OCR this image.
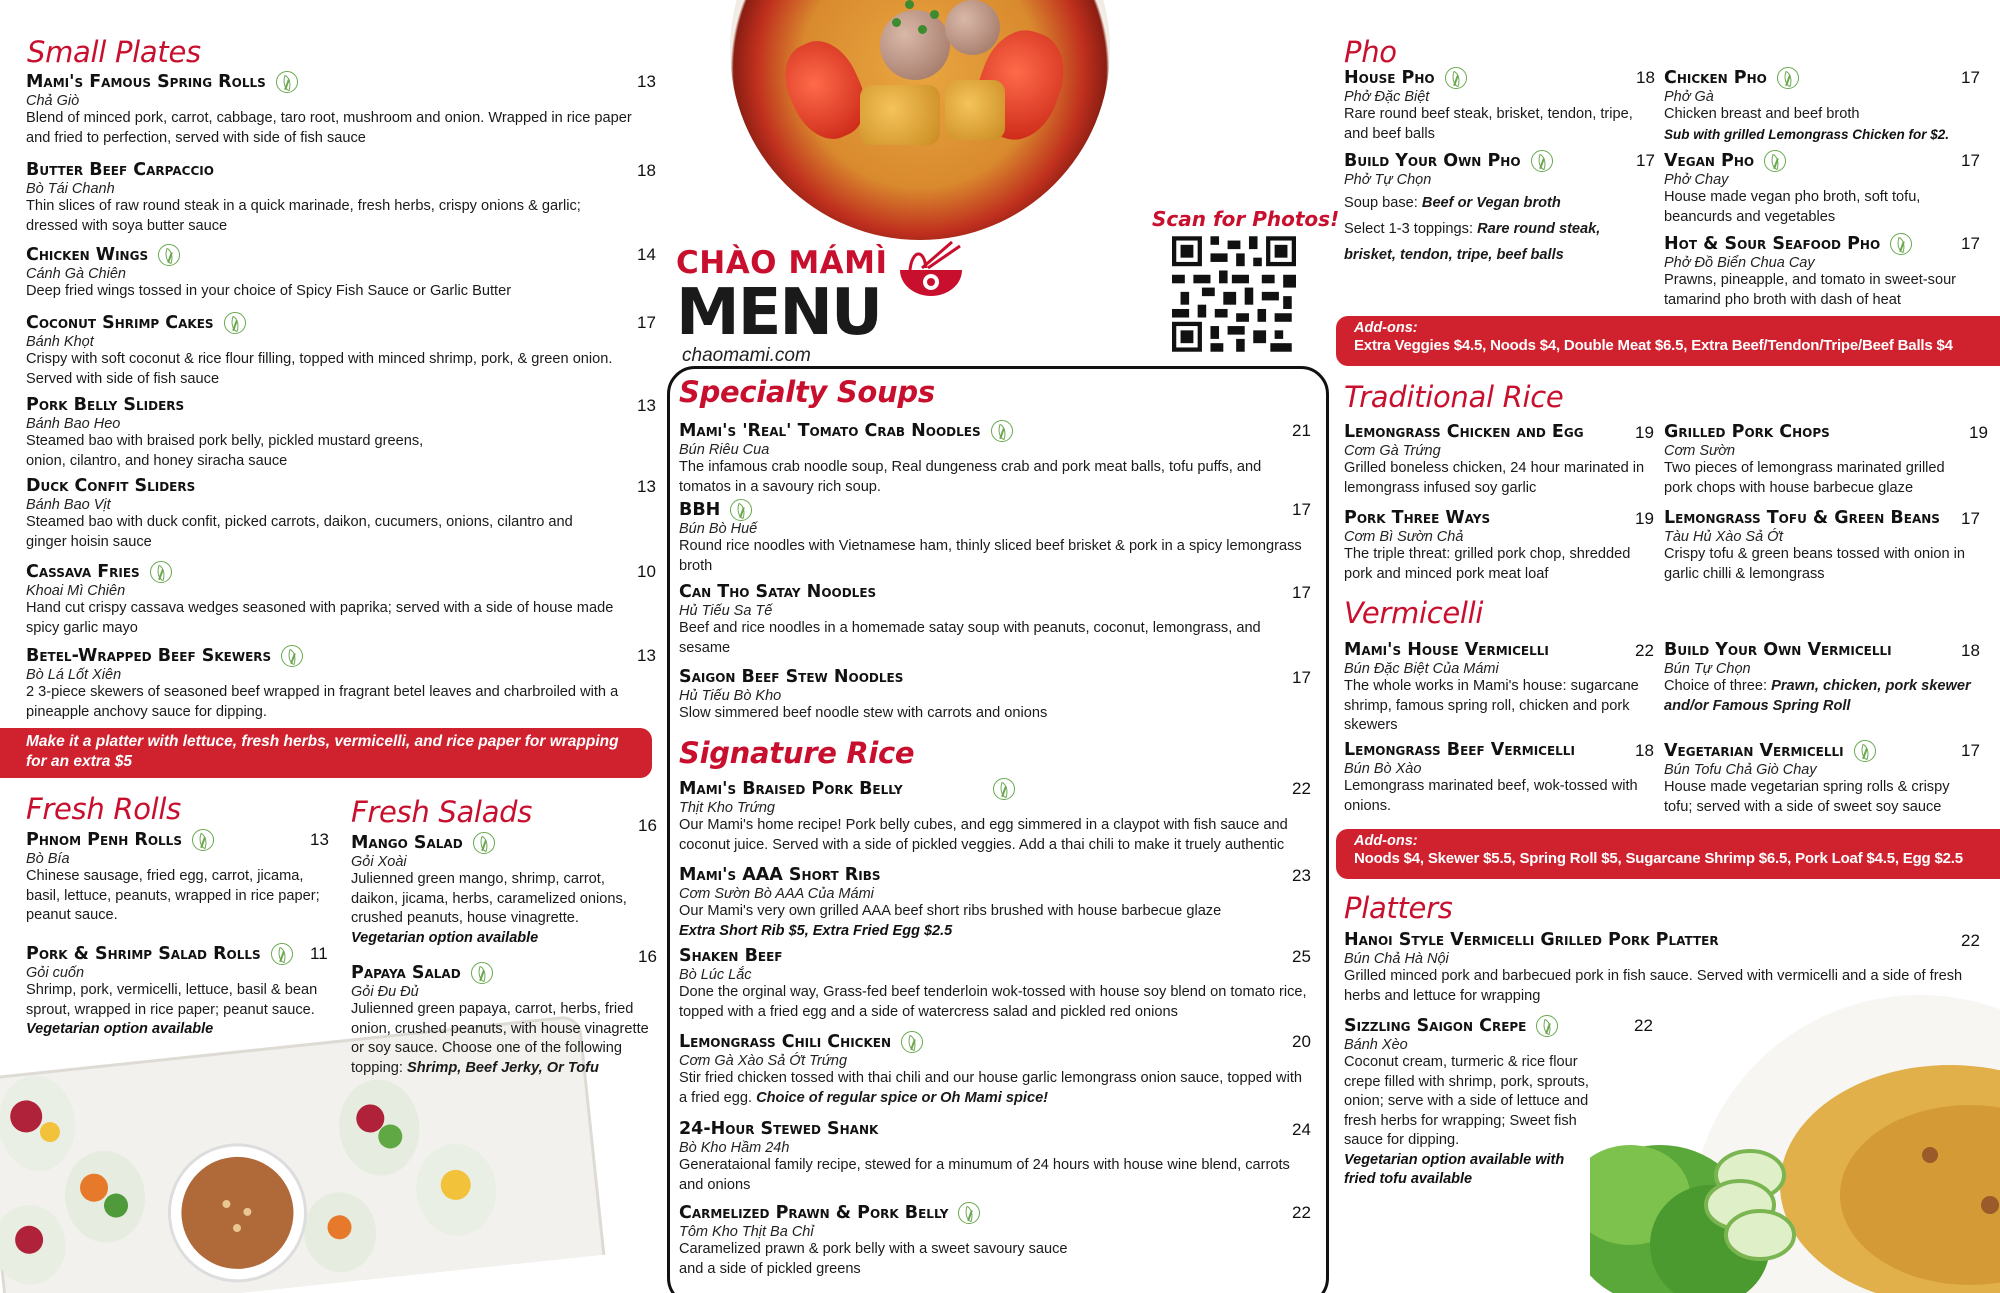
Small Plates
Mami's Famous Spring Rolls	13
Chả Giò
Blend of minced pork, carrot, cabbage, taro root, mushroom and onion. Wrapped in rice paper and fried to perfection, served with side of fish sauce
Butter Beef Carpaccio	18
Bò Tái Chanh
Thin slices of raw round steak in a quick marinade, fresh herbs, crispy onions & garlic; dressed with soya butter sauce
Chicken Wings	14
Cánh Gà Chiên
Deep fried wings tossed in your choice of Spicy Fish Sauce or Garlic Butter
Coconut Shrimp Cakes	17
Bánh Khọt
Crispy with soft coconut & rice flour filling, topped with minced shrimp, pork, & green onion. Served with side of fish sauce
Pork Belly Sliders	13
Bánh Bao Heo
Steamed bao with braised pork belly, pickled mustard greens, onion, cilantro, and honey siracha sauce
Duck Confit Sliders	13
Bánh Bao Vịt
Steamed bao with duck confit, picked carrots, daikon, cucumers, onions, cilantro and ginger hoisin sauce
Cassava Fries	10
Khoai Mì Chiên
Hand cut crispy cassava wedges seasoned with paprika; served with a side of house made spicy garlic mayo
Betel-Wrapped Beef Skewers	13
Bò Lá Lốt Xiên
2 3-piece skewers of seasoned beef wrapped in fragrant betel leaves and charbroiled with a pineapple anchovy sauce for dipping.
Make it a platter with lettuce, fresh herbs, vermicelli, and rice paper for wrapping for an extra $5
Fresh Rolls
Phnom Penh Rolls	13
Bò Bía
Chinese sausage, fried egg, carrot, jicama, basil, lettuce, peanuts, wrapped in rice paper; peanut sauce.
Pork & Shrimp Salad Rolls	11
Gỏi cuốn
Shrimp, pork, vermicelli, lettuce, basil & bean sprout, wrapped in rice paper; peanut sauce.
Vegetarian option available
Fresh Salads
Mango Salad
16
Gỏi Xoài
Julienned green mango, shrimp, carrot, daikon, jicama, herbs, caramelized onions, crushed peanuts, house vinagrette.
Vegetarian option available
Papaya Salad
16
Gỏi Đu Đủ
Julienned green papaya, carrot, herbs, fried onion, crushed peanuts, with house vinagrette or soy sauce. Choose one of the following topping: Shrimp, Beef Jerky, Or Tofu
CHÀO MÁMÌ
MENU
chaomami.com
Scan for Photos!
Specialty Soups
Mami's 'Real' Tomato Crab Noodles	21
Bún Riêu Cua
The infamous crab noodle soup, Real dungeness crab and pork meat balls, tofu puffs, and tomatos in a savoury rich soup.
BBH	17
Bún Bò Huế
Round rice noodles with Vietnamese ham, thinly sliced beef brisket & pork in a spicy lemongrass broth
Can Tho Satay Noodles	17
Hủ Tiếu Sa Tế
Beef and rice noodles in a homemade satay soup with peanuts, coconut, lemongrass, and sesame
Saigon Beef Stew Noodles	17
Hủ Tiếu Bò Kho
Slow simmered beef noodle stew with carrots and onions
Signature Rice
Mami's Braised Pork Belly	22
Thịt Kho Trứng
Our Mami's home recipe! Pork belly cubes, and egg simmered in a claypot with fish sauce and coconut juice. Served with a side of pickled veggies. Add a thai chili to make it truely authentic
Mami's AAA Short Ribs	23
Cơm Sườn Bò AAA Của Mámi
Our Mami's very own grilled AAA beef short ribs brushed with house barbecue glaze
Extra Short Rib $5, Extra Fried Egg $2.5
Shaken Beef	25
Bò Lúc Lắc
Done the orginal way, Grass-fed beef tenderloin wok-tossed with house soy blend on tomato rice, topped with a fried egg and a side of watercress salad and pickled red onions
Lemongrass Chili Chicken	20
Cơm Gà Xào Sả Ớt Trứng
Stir fried chicken tossed with thai chili and our house garlic lemongrass onion sauce, topped with a fried egg. Choice of regular spice or Oh Mami spice!
24-Hour Stewed Shank	24
Bò Kho Hầm 24h
Generataional family recipe, stewed for a minumum of 24 hours with house wine blend, carrots and onions
Carmelized Prawn & Pork Belly	22
Tôm Kho Thịt Ba Chỉ
Caramelized prawn & pork belly with a sweet savoury sauce and a side of pickled greens
Pho
House Pho	18
Phở Đặc Biệt
Rare round beef steak, brisket, tendon, tripe, and beef balls
Chicken Pho	17
Phở Gà
Chicken breast and beef broth
Sub with grilled Lemongrass Chicken for $2.
Build Your Own Pho	17
Phở Tự Chọn
Soup base: Beef or Vegan broth
Select 1-3 toppings: Rare round steak, brisket, tendon, tripe, beef balls
Vegan Pho	17
Phở Chay
House made vegan pho broth, soft tofu, beancurds and vegetables
Hot & Sour Seafood Pho	17
Phở Đồ Biển Chua Cay
Prawns, pineapple, and tomato in sweet-sour tamarind pho broth with dash of heat
Add-ons:
Extra Veggies $4.5, Noods $4, Double Meat $6.5, Extra Beef/Tendon/Tripe/Beef Balls $4
Traditional Rice
Lemongrass Chicken and Egg	19
Cơm Gà Trứng
Grilled boneless chicken, 24 hour marinated in lemongrass infused soy garlic
Grilled Pork Chops	19
Cơm Sườn
Two pieces of lemongrass marinated grilled pork chops with house barbecue glaze
Pork Three Ways	19
Cơm Bì Sườn Chả
The triple threat: grilled pork chop, shredded pork and minced pork meat loaf
Lemongrass Tofu & Green Beans 17
Tàu Hủ Xào Sả Ớt
Crispy tofu & green beans tossed with onion in garlic chilli & lemongrass
Vermicelli
Mami's House Vermicelli	22
Bún Đặc Biệt Của Mámi
The whole works in Mami's house: sugarcane shrimp, famous spring roll, chicken and pork skewers
Build Your Own Vermicelli	18
Bún Tự Chọn
Choice of three: Prawn, chicken, pork skewer and/or Famous Spring Roll
Lemongrass Beef Vermicelli	18
Bún Bò Xào
Lemongrass marinated beef, wok-tossed with onions.
Vegetarian Vermicelli	17
Bún Tofu Chả Giò Chay
House made vegetarian spring rolls & crispy tofu; served with a side of sweet soy sauce
Add-ons:
Noods $4, Skewer $5.5, Spring Roll $5, Sugarcane Shrimp $6.5, Pork Loaf $4.5, Egg $2.5
Platters
Hanoi Style Vermicelli Grilled Pork Platter	22
Bún Chả Hà Nội
Grilled minced pork and barbecued pork in fish sauce. Served with vermicelli and a side of fresh herbs and lettuce for wrapping
Sizzling Saigon Crepe	22
Bánh Xèo
Coconut cream, turmeric & rice flour crepe filled with shrimp, pork, sprouts, onion; serve with a side of lettuce and fresh herbs for wrapping; Sweet fish sauce for dipping.
Vegetarian option available with fried tofu available
